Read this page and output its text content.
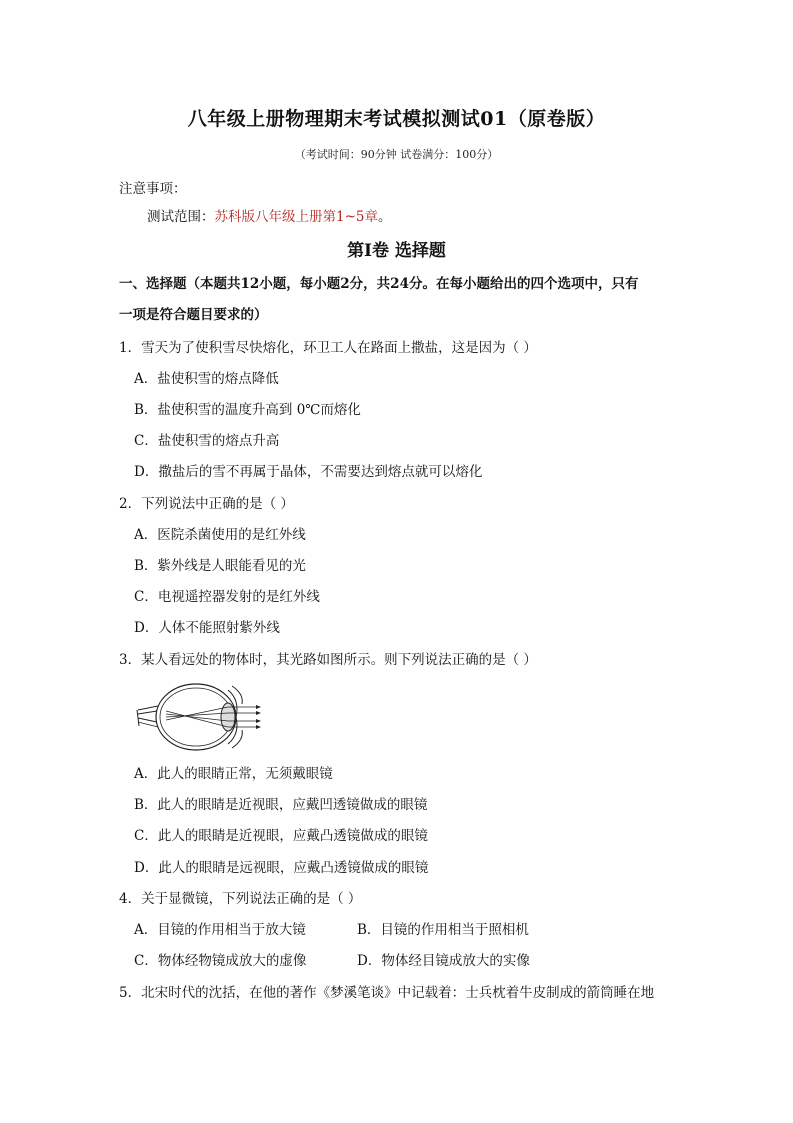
八年级上册物理期末考试模拟测试01（原卷版）
（考试时间：90分钟 试卷满分：100分）
注意事项：
测试范围：苏科版八年级上册第1~5章。
第Ⅰ卷 选择题
一、选择题（本题共12小题，每小题2分，共24分。在每小题给出的四个选项中，只有
一项是符合题目要求的）
1．雪天为了使积雪尽快熔化，环卫工人在路面上撒盐，这是因为（ ）
A．盐使积雪的熔点降低
B．盐使积雪的温度升高到 0℃而熔化
C．盐使积雪的熔点升高
D．撒盐后的雪不再属于晶体，不需要达到熔点就可以熔化
2．下列说法中正确的是（ ）
A．医院杀菌使用的是红外线
B．紫外线是人眼能看见的光
C．电视遥控器发射的是红外线
D．人体不能照射紫外线
3．某人看远处的物体时，其光路如图所示。则下列说法正确的是（ ）
A．此人的眼睛正常，无须戴眼镜
B．此人的眼睛是近视眼，应戴凹透镜做成的眼镜
C．此人的眼睛是近视眼，应戴凸透镜做成的眼镜
D．此人的眼睛是远视眼，应戴凸透镜做成的眼镜
4．关于显微镜，下列说法正确的是（ ）
A．目镜的作用相当于放大镜	B．目镜的作用相当于照相机
C．物体经物镜成放大的虚像	D．物体经目镜成放大的实像
5．北宋时代的沈括，在他的著作《梦溪笔谈》中记载着：士兵枕着牛皮制成的箭筒睡在地
